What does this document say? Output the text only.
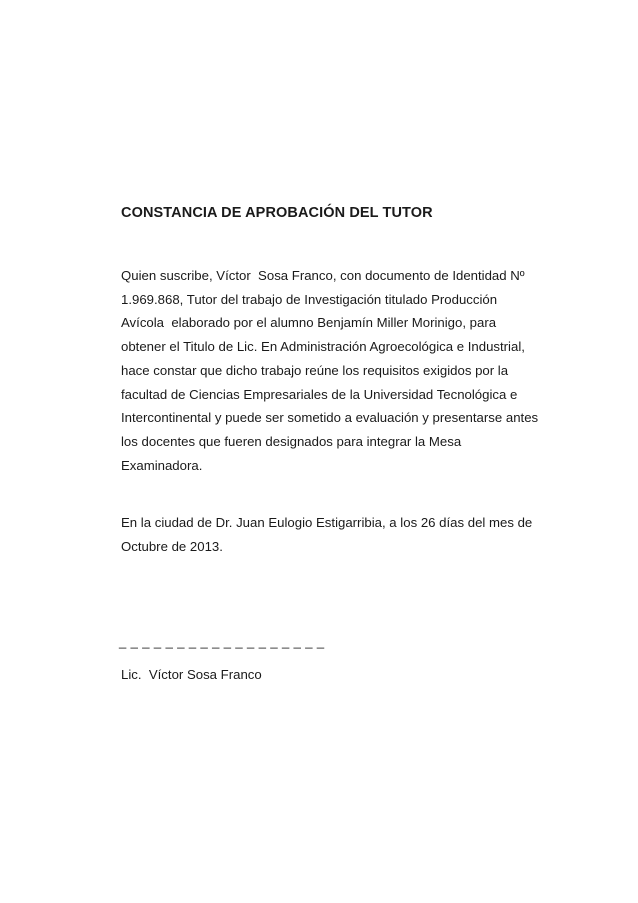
CONSTANCIA DE APROBACIÓN DEL TUTOR

Quien suscribe, Víctor  Sosa Franco, con documento de Identidad Nº
1.969.868, Tutor del trabajo de Investigación titulado Producción
Avícola  elaborado por el alumno Benjamín Miller Morinigo, para
obtener el Titulo de Lic. En Administración Agroecológica e Industrial,
hace constar que dicho trabajo reúne los requisitos exigidos por la
facultad de Ciencias Empresariales de la Universidad Tecnológica e
Intercontinental y puede ser sometido a evaluación y presentarse antes
los docentes que fueren designados para integrar la Mesa
Examinadora.

En la ciudad de Dr. Juan Eulogio Estigarribia, a los 26 días del mes de
Octubre de 2013.

_ _ _ _ _ _ _ _ _ _ _ _ _ _ _ _ _ _
Lic.  Víctor Sosa Franco
